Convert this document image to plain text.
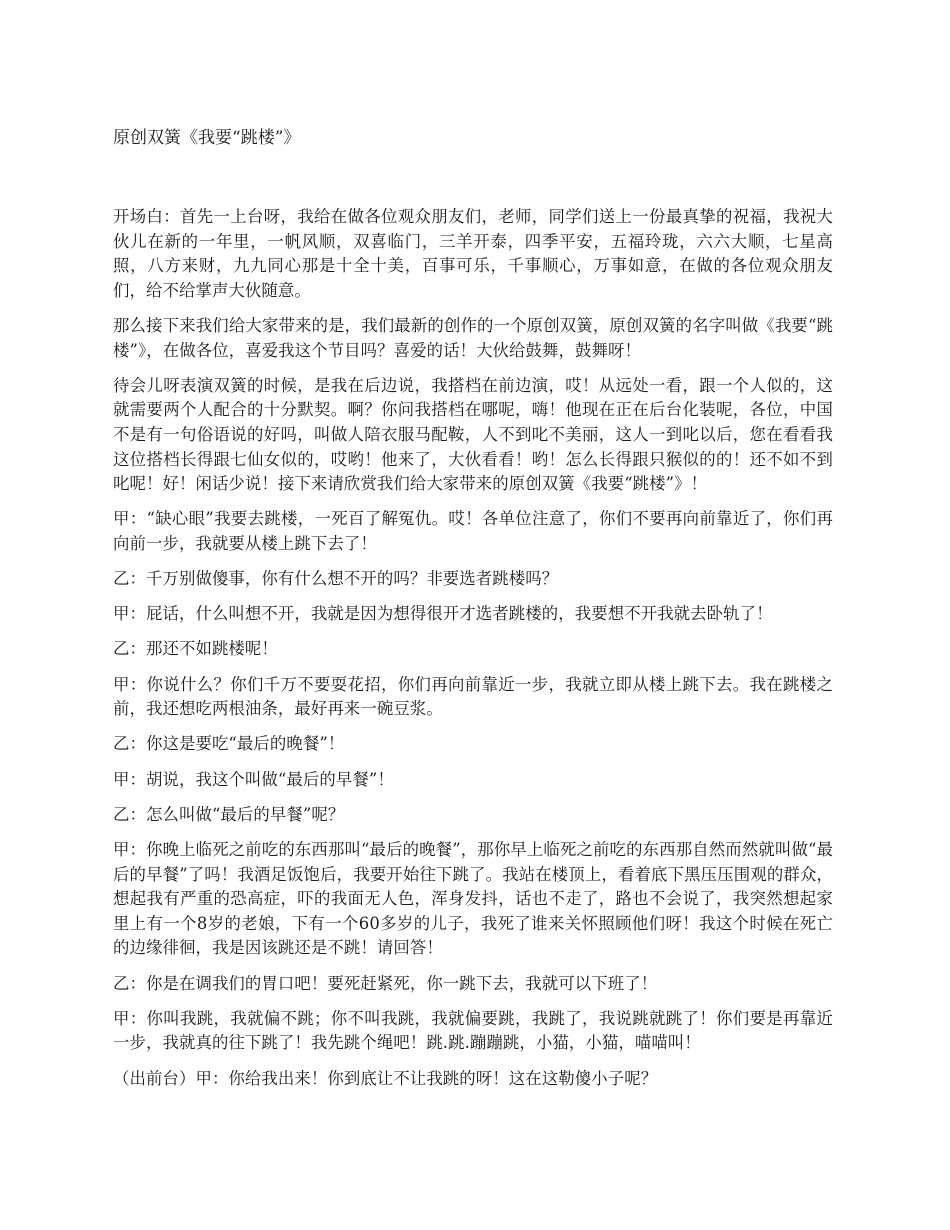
原创双簧《我要“跳楼”》

开场白：首先一上台呀，我给在做各位观众朋友们，老师，同学们送上一份最真挚的祝福，我祝大伙儿在新的一年里，一帆风顺，双喜临门，三羊开泰，四季平安，五福玲珑，六六大顺，七星高照，八方来财，九九同心那是十全十美，百事可乐，千事顺心，万事如意，在做的各位观众朋友们，给不给掌声大伙随意。

那么接下来我们给大家带来的是，我们最新的创作的一个原创双簧，原创双簧的名字叫做《我要“跳楼”》，在做各位，喜爱我这个节目吗？喜爱的话！大伙给鼓舞，鼓舞呀！

待会儿呀表演双簧的时候，是我在后边说，我搭档在前边演，哎！从远处一看，跟一个人似的，这就需要两个人配合的十分默契。啊？你问我搭档在哪呢，嗨！他现在正在后台化装呢，各位，中国不是有一句俗语说的好吗，叫做人陪衣服马配鞍，人不到叱不美丽，这人一到叱以后，您在看看我这位搭档长得跟七仙女似的，哎哟！他来了，大伙看看！哟！怎么长得跟只猴似的的！还不如不到叱呢！好！闲话少说！接下来请欣赏我们给大家带来的原创双簧《我要“跳楼”》！

甲：“缺心眼”我要去跳楼，一死百了解冤仇。哎！各单位注意了，你们不要再向前靠近了，你们再向前一步，我就要从楼上跳下去了！

乙：千万别做傻事，你有什么想不开的吗？非要选者跳楼吗？

甲：屁话，什么叫想不开，我就是因为想得很开才选者跳楼的，我要想不开我就去卧轨了！

乙：那还不如跳楼呢！

甲：你说什么？你们千万不要耍花招，你们再向前靠近一步，我就立即从楼上跳下去。我在跳楼之前，我还想吃两根油条，最好再来一碗豆浆。

乙：你这是要吃“最后的晚餐”！

甲：胡说，我这个叫做“最后的早餐”！

乙：怎么叫做“最后的早餐”呢？

甲：你晚上临死之前吃的东西那叫“最后的晚餐”，那你早上临死之前吃的东西那自然而然就叫做“最后的早餐”了吗！我酒足饭饱后，我要开始往下跳了。我站在楼顶上，看着底下黑压压围观的群众，想起我有严重的恐高症，吓的我面无人色，浑身发抖，话也不走了，路也不会说了，我突然想起家里上有一个8岁的老娘，下有一个60多岁的儿子，我死了谁来关怀照顾他们呀！我这个时候在死亡的边缘徘徊，我是因该跳还是不跳！请回答！

乙：你是在调我们的胃口吧！要死赶紧死，你一跳下去，我就可以下班了！

甲：你叫我跳，我就偏不跳；你不叫我跳，我就偏要跳，我跳了，我说跳就跳了！你们要是再靠近一步，我就真的往下跳了！我先跳个绳吧！跳.跳.蹦蹦跳，小猫，小猫，喵喵叫！

（出前台）甲：你给我出来！你到底让不让我跳的呀！这在这勒傻小子呢？
